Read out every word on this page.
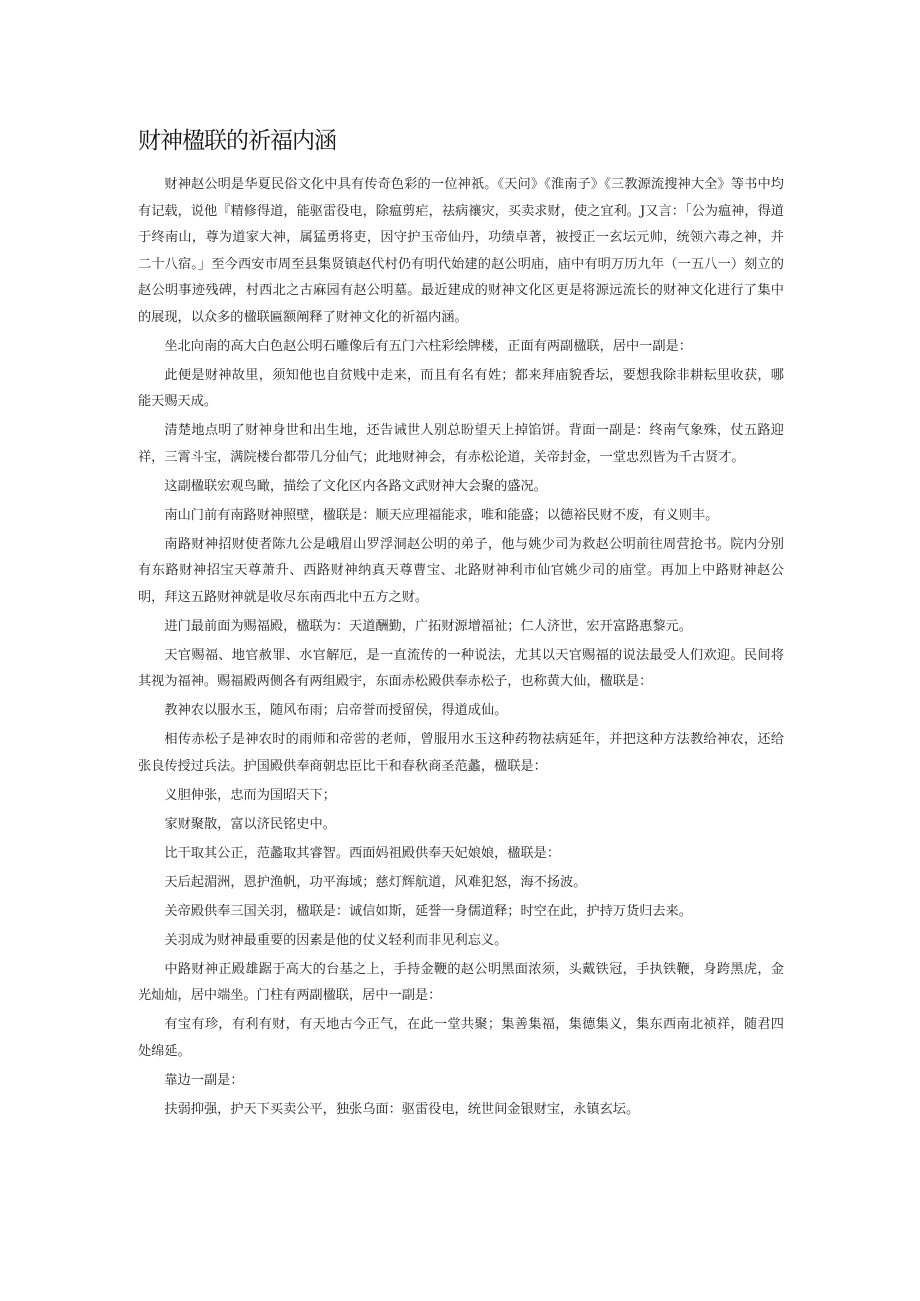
财神楹联的祈福内涵

财神赵公明是华夏民俗文化中具有传奇色彩的一位神祇。《天问》《淮南子》《三教源流搜神大全》等书中均有记载，说他『精修得道，能驱雷役电，除瘟剪疟，祛病禳灾，买卖求财，使之宜利。J又言：「公为瘟神，得道于终南山，尊为道家大神，属猛勇将吏，因守护玉帝仙丹，功绩卓著，被授正一玄坛元帅，统领六毒之神，并二十八宿。」至今西安市周至县集贤镇赵代村仍有明代始建的赵公明庙，庙中有明万历九年（一五八一）刻立的赵公明事迹残碑，村西北之古麻园有赵公明墓。最近建成的财神文化区更是将源远流长的财神文化进行了集中的展现，以众多的楹联匾额阐释了财神文化的祈福内涵。

坐北向南的高大白色赵公明石雕像后有五门六柱彩绘牌楼，正面有两副楹联，居中一副是：

此便是财神故里，须知他也自贫贱中走来，而且有名有姓；都来拜庙貌香坛，要想我除非耕耘里收获，哪能天赐天成。

清楚地点明了财神身世和出生地，还告诫世人别总盼望天上掉馅饼。背面一副是：终南气象殊，仗五路迎祥，三霄斗宝，满院楼台都带几分仙气；此地财神会，有赤松论道，关帝封金，一堂忠烈皆为千古贤才。

这副楹联宏观鸟瞰，描绘了文化区内各路文武财神大会聚的盛况。

南山门前有南路财神照壁，楹联是：顺天应理福能求，唯和能盛；以德裕民财不废，有义则丰。

南路财神招财使者陈九公是峨眉山罗浮洞赵公明的弟子，他与姚少司为救赵公明前往周营抢书。院内分别有东路财神招宝天尊萧升、西路财神纳真天尊曹宝、北路财神利市仙官姚少司的庙堂。再加上中路财神赵公明，拜这五路财神就是收尽东南西北中五方之财。

进门最前面为赐福殿，楹联为：天道酬勤，广拓财源增福祉；仁人济世，宏开富路惠黎元。

天官赐福、地官赦罪、水官解厄，是一直流传的一种说法，尤其以天官赐福的说法最受人们欢迎。民间将其视为福神。赐福殿两侧各有两组殿宇，东面赤松殿供奉赤松子，也称黄大仙，楹联是：

教神农以服水玉，随风布雨；启帝誉而授留侯，得道成仙。

相传赤松子是神农时的雨师和帝喾的老师，曾服用水玉这种药物祛病延年，并把这种方法教给神农，还给张良传授过兵法。护国殿供奉商朝忠臣比干和春秋商圣范蠡，楹联是：

义胆伸张，忠而为国昭天下；

家财聚散，富以济民铭史中。

比干取其公正，范蠡取其睿智。西面妈祖殿供奉天妃娘娘，楹联是：

天后起湄洲，恩护渔帆，功平海域；慈灯辉航道，风难犯怒，海不扬波。

关帝殿供奉三国关羽，楹联是：诚信如斯，延誉一身儒道释；时空在此，护持万货归去来。

关羽成为财神最重要的因素是他的仗义轻利而非见利忘义。

中路财神正殿雄踞于高大的台基之上，手持金鞭的赵公明黑面浓须，头戴铁冠，手执铁鞭，身跨黑虎，金光灿灿，居中端坐。门柱有两副楹联，居中一副是：

有宝有珍，有利有财，有天地古今正气，在此一堂共聚；集善集福，集德集义，集东西南北祯祥，随君四处绵延。

靠边一副是：

扶弱抑强，护天下买卖公平，独张乌面：驱雷役电，统世间金银财宝，永镇玄坛。
